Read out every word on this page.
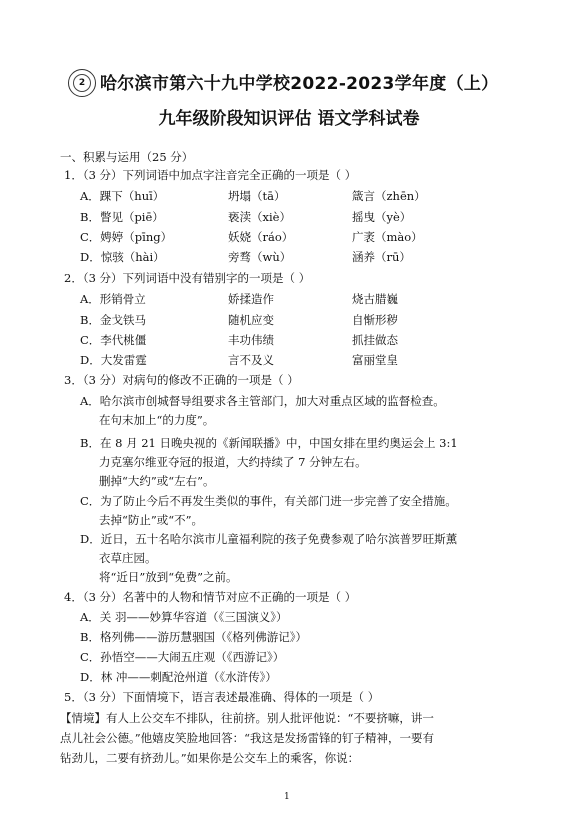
2 哈尔滨市第六十九中学校2022-2023学年度（上）
九年级阶段知识评估 语文学科试卷
一、积累与运用（25 分）
1．（3 分）下列词语中加点字注音完全正确的一项是（ ）
A．踝下（huī）	坍塌（tā）	箴言（zhēn）
B．瞥见（piē）	亵渎（xiè）	摇曳（yè）
C．娉婷（pīng）	妖娆（ráo）	广袤（mào）
D．惊骇（hài）	旁骛（wù）	涵养（rū）
2．（3 分）下列词语中没有错别字的一项是（ ）
A．形销骨立	娇揉造作	烧古腊巍
B．金戈铁马	随机应变	自惭形秽
C．李代桃僵	丰功伟绩	抓挂做态
D．大发雷霆	言不及义	富丽堂皇
3．（3 分）对病句的修改不正确的一项是（ ）
A．哈尔滨市创城督导组要求各主管部门，加大对重点区域的监督检查。
在句末加上“的力度”。
B．在 8 月 21 日晚央视的《新闻联播》中，中国女排在里约奥运会上 3:1
力克塞尔维亚夺冠的报道，大约持续了 7 分钟左右。
删掉“大约”或“左右”。
C．为了防止今后不再发生类似的事件，有关部门进一步完善了安全措施。
去掉“防止”或“不”。
D．近日，五十名哈尔滨市儿童福利院的孩子免费参观了哈尔滨普罗旺斯薰
衣草庄园。
将“近日”放到“免费”之前。
4．（3 分）名著中的人物和情节对应不正确的一项是（ ）
A．关 羽——妙算华容道（《三国演义》）
B．格列佛——游历慧骃国（《格列佛游记》）
C．孙悟空——大闹五庄观（《西游记》）
D．林 冲——刺配沧州道（《水浒传》）
5．（3 分）下面情境下，语言表述最准确、得体的一项是（ ）
【情境】有人上公交车不排队，往前挤。别人批评他说：“不要挤嘛，讲一
点儿社会公德。”他嬉皮笑脸地回答：“我这是发扬雷锋的钉子精神，一要有
钻劲儿，二要有挤劲儿。”如果你是公交车上的乘客，你说：
1
